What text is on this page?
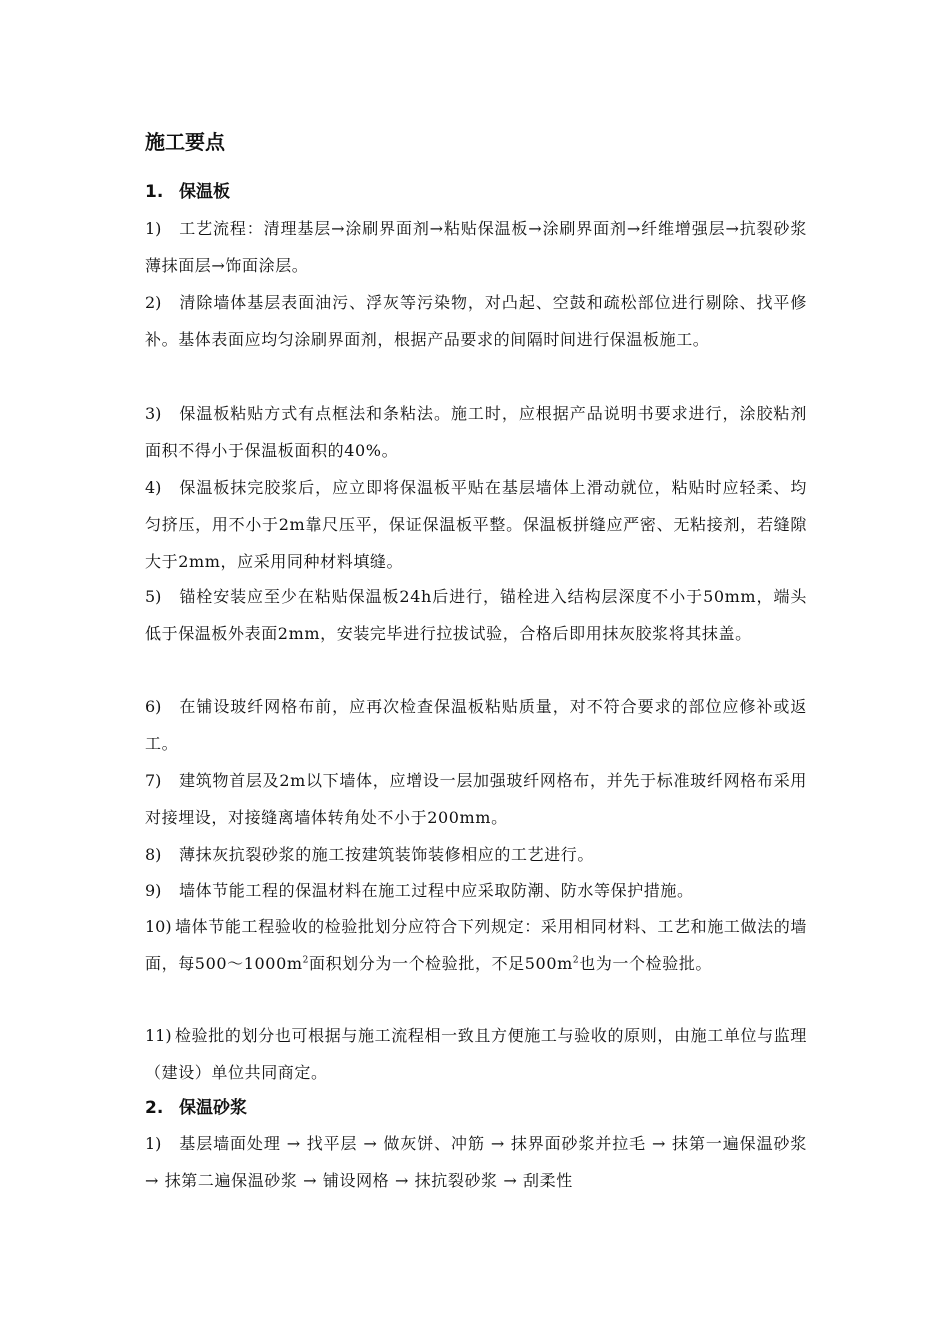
施工要点
1. 保温板

1) 工艺流程：清理基层→涂刷界面剂→粘贴保温板→涂刷界面剂→纤维增强层→抗裂砂浆薄抹面层→饰面涂层。

2) 清除墙体基层表面油污、浮灰等污染物，对凸起、空鼓和疏松部位进行剔除、找平修补。基体表面应均匀涂刷界面剂，根据产品要求的间隔时间进行保温板施工。

3) 保温板粘贴方式有点框法和条粘法。施工时，应根据产品说明书要求进行，涂胶粘剂面积不得小于保温板面积的40%。

4) 保温板抹完胶浆后，应立即将保温板平贴在基层墙体上滑动就位，粘贴时应轻柔、均匀挤压，用不小于2m靠尺压平，保证保温板平整。保温板拼缝应严密、无粘接剂，若缝隙大于2mm，应采用同种材料填缝。

5) 锚栓安装应至少在粘贴保温板24h后进行，锚栓进入结构层深度不小于50mm，端头低于保温板外表面2mm，安装完毕进行拉拔试验，合格后即用抹灰胶浆将其抹盖。

6) 在铺设玻纤网格布前，应再次检查保温板粘贴质量，对不符合要求的部位应修补或返工。

7) 建筑物首层及2m以下墙体，应增设一层加强玻纤网格布，并先于标准玻纤网格布采用对接埋设，对接缝离墙体转角处不小于200mm。

8) 薄抹灰抗裂砂浆的施工按建筑装饰装修相应的工艺进行。

9) 墙体节能工程的保温材料在施工过程中应采取防潮、防水等保护措施。

10) 墙体节能工程验收的检验批划分应符合下列规定：采用相同材料、工艺和施工做法的墙面，每$500\sim 1000m^2$面积划分为一个检验批，不足$500m^2$也为一个检验批。

11) 检验批的划分也可根据与施工流程相一致且方便施工与验收的原则，由施工单位与监理（建设）单位共同商定。

2. 保温砂浆

1) 基层墙面处理 → 找平层 → 做灰饼、冲筋 → 抹界面砂浆并拉毛 → 抹第一遍保温砂浆 → 抹第二遍保温砂浆 → 铺设网格 → 抹抗裂砂浆 → 刮柔性
